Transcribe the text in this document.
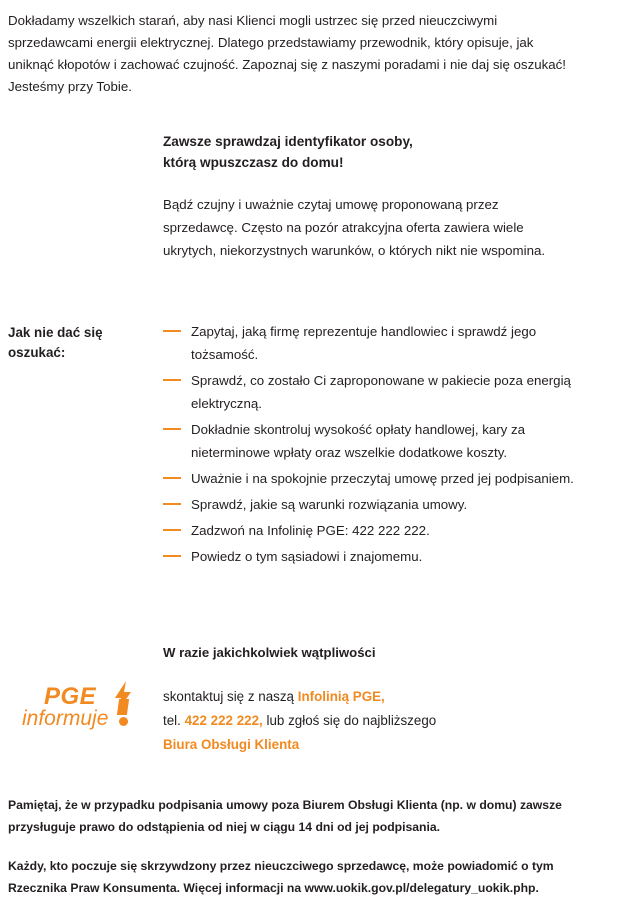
Dokładamy wszelkich starań, aby nasi Klienci mogli ustrzec się przed nieuczciwymi sprzedawcami energii elektrycznej. Dlatego przedstawiamy przewodnik, który opisuje, jak uniknąć kłopotów i zachować czujność. Zapoznaj się z naszymi poradami i nie daj się oszukać! Jesteśmy przy Tobie.
Zawsze sprawdzaj identyfikator osoby,
którą wpuszczasz do domu!
Bądź czujny i uważnie czytaj umowę proponowaną przez sprzedawcę. Często na pozór atrakcyjna oferta zawiera wiele ukrytych, niekorzystnych warunków, o których nikt nie wspomina.
Jak nie dać się
oszukać:
Zapytaj, jaką firmę reprezentuje handlowiec i sprawdź jego tożsamość.
Sprawdź, co zostało Ci zaproponowane w pakiecie poza energią elektryczną.
Dokładnie skontroluj wysokość opłaty handlowej, kary za nieterminowe wpłaty oraz wszelkie dodatkowe koszty.
Uważnie i na spokojnie przeczytaj umowę przed jej podpisaniem.
Sprawdź, jakie są warunki rozwiązania umowy.
Zadzwoń na Infolinię PGE: 422 222 222.
Powiedz o tym sąsiadowi i znajomemu.
W razie jakichkolwiek wątpliwości
skontaktuj się z naszą Infolinią PGE,
tel. 422 222 222, lub zgłoś się do najbliższego
Biura Obsługi Klienta
PGE
informuje
Pamiętaj, że w przypadku podpisania umowy poza Biurem Obsługi Klienta (np. w domu) zawsze przysługuje prawo do odstąpienia od niej w ciągu 14 dni od jej podpisania.
Każdy, kto poczuje się skrzywdzony przez nieuczciwego sprzedawcę, może powiadomić o tym Rzecznika Praw Konsumenta. Więcej informacji na www.uokik.gov.pl/delegatury_uokik.php.
